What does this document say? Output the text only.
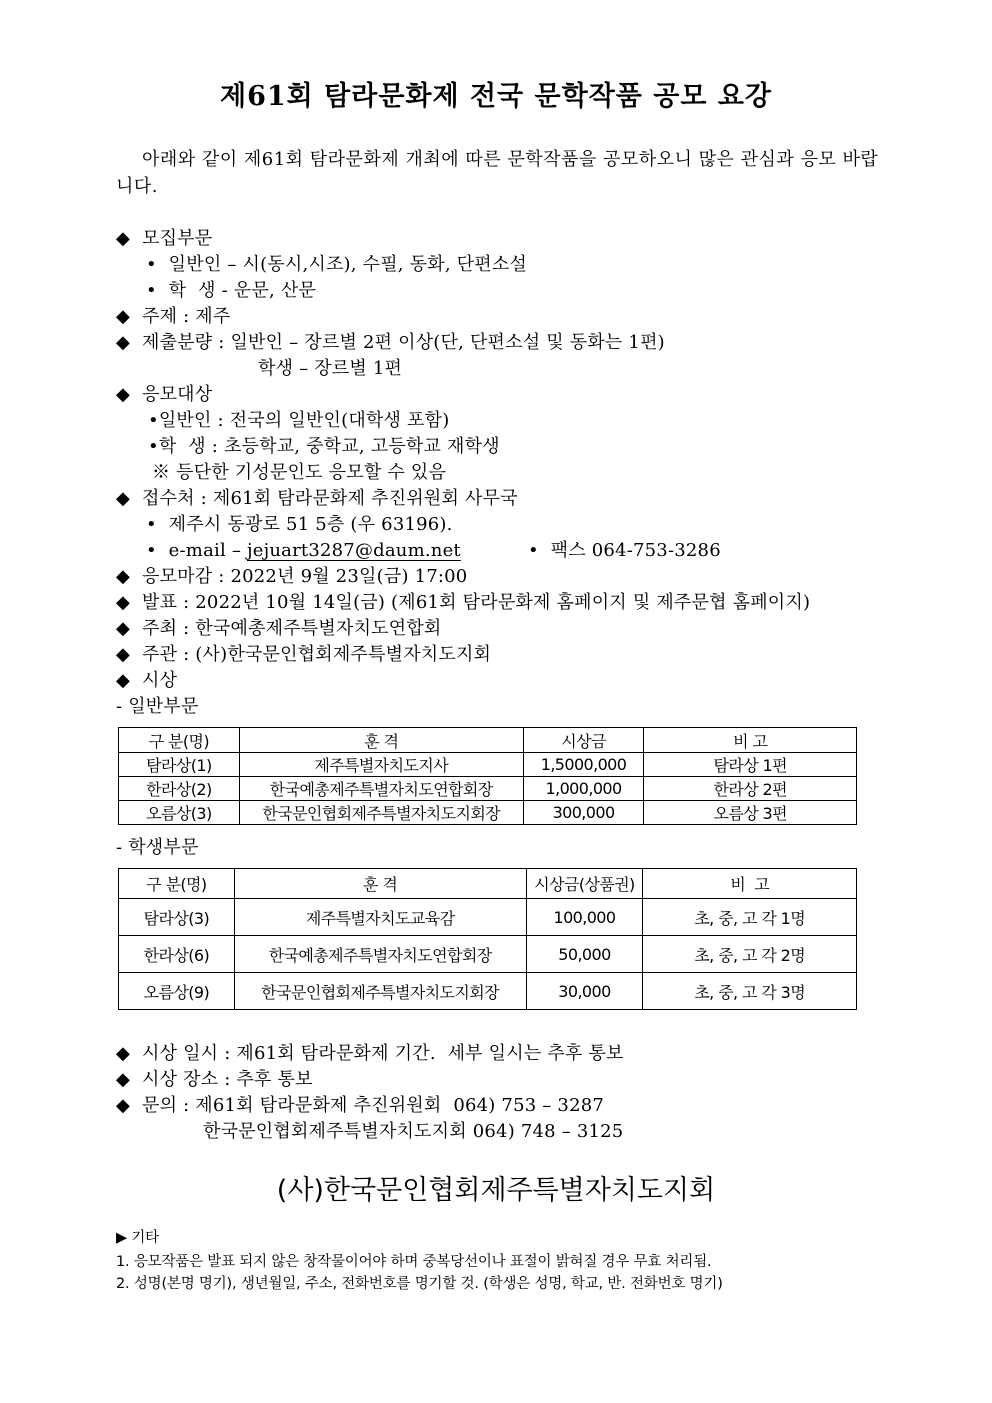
제61회 탐라문화제 전국 문학작품 공모 요강
아래와 같이 제61회 탐라문화제 개최에 따른 문학작품을 공모하오니 많은 관심과 응모 바랍니다.
◆ 모집부문
• 일반인 – 시(동시,시조), 수필, 동화, 단편소설
• 학  생 - 운문, 산문
◆ 주제 : 제주
◆ 제출분량 : 일반인 – 장르별 2편 이상(단, 단편소설 및 동화는 1편)
학생 – 장르별 1편
◆ 응모대상
•일반인 : 전국의 일반인(대학생 포함)
•학  생 : 초등학교, 중학교, 고등학교 재학생
※ 등단한 기성문인도 응모할 수 있음
◆ 접수처 : 제61회 탐라문화제 추진위원회 사무국
• 제주시 동광로 51 5층 (우 63196).
• e-mail – jejuart3287@daum.net	• 팩스 064-753-3286
◆ 응모마감 : 2022년 9월 23일(금) 17:00
◆ 발표 : 2022년 10월 14일(금) (제61회 탐라문화제 홈페이지 및 제주문협 홈페이지)
◆ 주최 : 한국예총제주특별자치도연합회
◆ 주관 : (사)한국문인협회제주특별자치도지회
◆ 시상
- 일반부문
구 분(명)	훈 격	시상금	비 고
탐라상(1)	제주특별자치도지사	1,5000,000	탐라상 1편
한라상(2)	한국예총제주특별자치도연합회장	1,000,000	한라상 2편
오름상(3)	한국문인협회제주특별자치도지회장	300,000	오름상 3편
- 학생부문
구 분(명)	훈 격	시상금(상품권)	비  고
탐라상(3)	제주특별자치도교육감	100,000	초, 중, 고 각 1명
한라상(6)	한국예총제주특별자치도연합회장	50,000	초, 중, 고 각 2명
오름상(9)	한국문인협회제주특별자치도지회장	30,000	초, 중, 고 각 3명
◆ 시상 일시 : 제61회 탐라문화제 기간.  세부 일시는 추후 통보
◆ 시상 장소 : 추후 통보
◆ 문의 : 제61회 탐라문화제 추진위원회  064) 753 – 3287
한국문인협회제주특별자치도지회 064) 748 – 3125
(사)한국문인협회제주특별자치도지회
▶ 기타
1. 응모작품은 발표 되지 않은 창작물이어야 하며 중복당선이나 표절이 밝혀질 경우 무효 처리됨.
2. 성명(본명 명기), 생년월일, 주소, 전화번호를 명기할 것. (학생은 성명, 학교, 반. 전화번호 명기)
